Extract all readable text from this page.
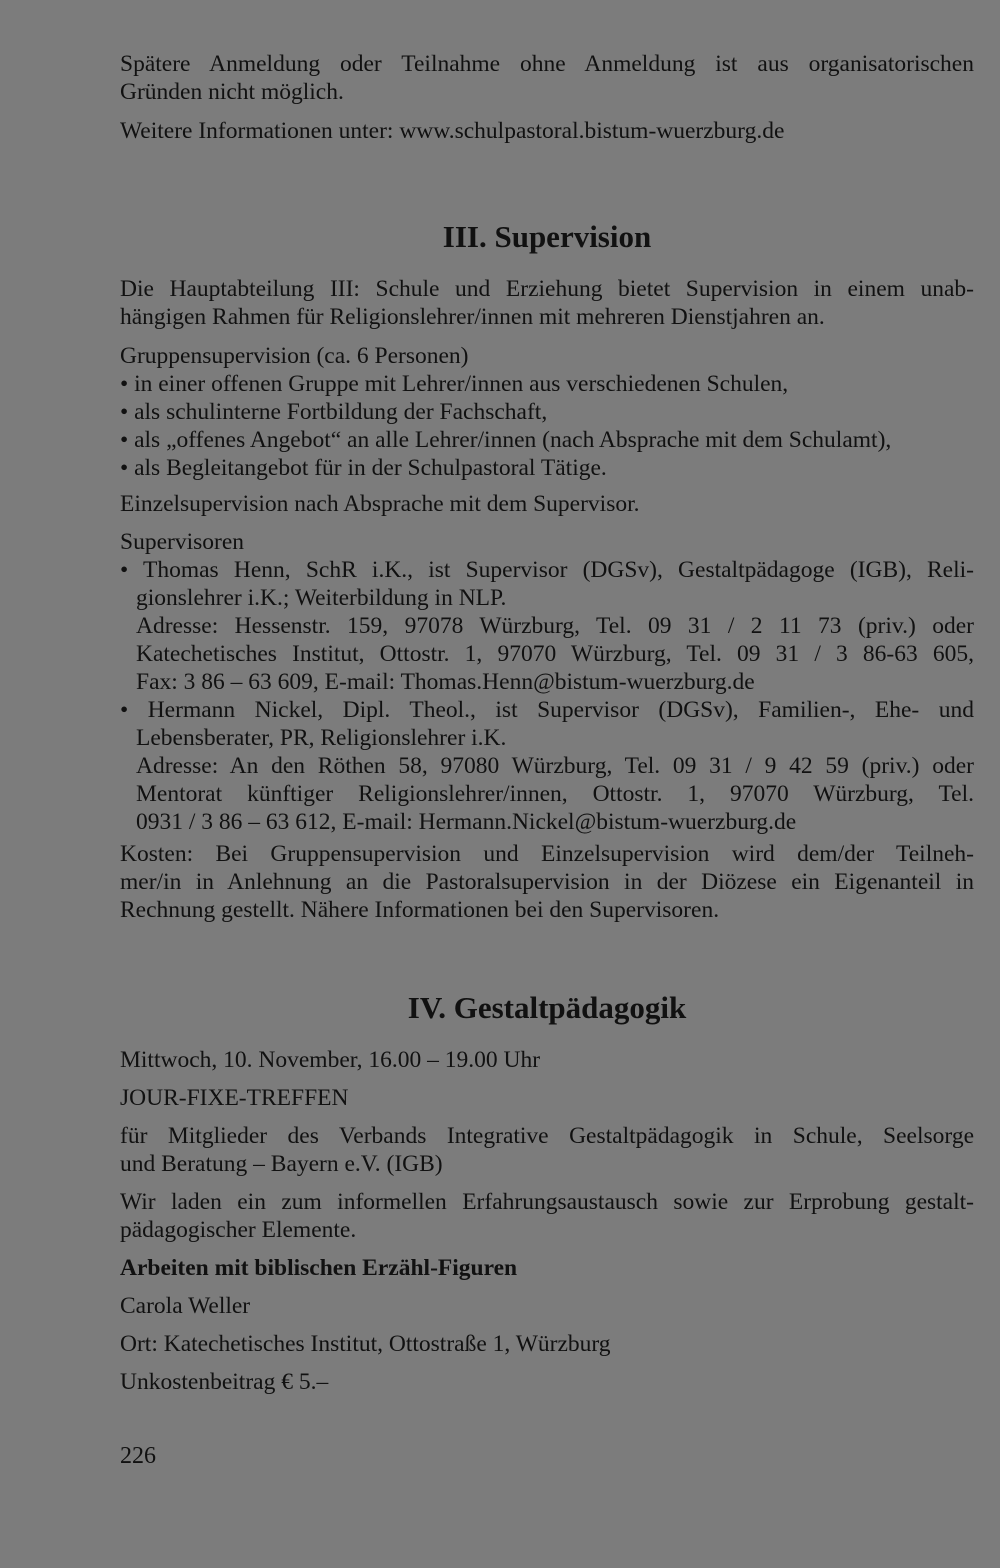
Spätere Anmeldung oder Teilnahme ohne Anmeldung ist aus organisatorischen
Gründen nicht möglich.

Weitere Informationen unter: www.schulpastoral.bistum-wuerzburg.de

III. Supervision

Die Hauptabteilung III: Schule und Erziehung bietet Supervision in einem unab-
hängigen Rahmen für Religionslehrer/innen mit mehreren Dienstjahren an.

Gruppensupervision (ca. 6 Personen)
• in einer offenen Gruppe mit Lehrer/innen aus verschiedenen Schulen,
• als schulinterne Fortbildung der Fachschaft,
• als „offenes Angebot“ an alle Lehrer/innen (nach Absprache mit dem Schulamt),
• als Begleitangebot für in der Schulpastoral Tätige.

Einzelsupervision nach Absprache mit dem Supervisor.

Supervisoren
• Thomas Henn, SchR i.K., ist Supervisor (DGSv), Gestaltpädagoge (IGB), Reli-
gionslehrer i.K.; Weiterbildung in NLP.
Adresse: Hessenstr. 159, 97078 Würzburg, Tel. 09 31 / 2 11 73 (priv.) oder
Katechetisches Institut, Ottostr. 1, 97070 Würzburg, Tel. 09 31 / 3 86-63 605,
Fax: 3 86 – 63 609, E-mail: Thomas.Henn@bistum-wuerzburg.de
• Hermann Nickel, Dipl. Theol., ist Supervisor (DGSv), Familien-, Ehe- und
Lebensberater, PR, Religionslehrer i.K.
Adresse: An den Röthen 58, 97080 Würzburg, Tel. 09 31 / 9 42 59 (priv.) oder
Mentorat künftiger Religionslehrer/innen, Ottostr. 1, 97070 Würzburg, Tel.
0931 / 3 86 – 63 612, E-mail: Hermann.Nickel@bistum-wuerzburg.de

Kosten: Bei Gruppensupervision und Einzelsupervision wird dem/der Teilneh-
mer/in in Anlehnung an die Pastoralsupervision in der Diözese ein Eigenanteil in
Rechnung gestellt. Nähere Informationen bei den Supervisoren.

IV. Gestaltpädagogik

Mittwoch, 10. November, 16.00 – 19.00 Uhr

JOUR-FIXE-TREFFEN

für Mitglieder des Verbands Integrative Gestaltpädagogik in Schule, Seelsorge
und Beratung – Bayern e.V. (IGB)

Wir laden ein zum informellen Erfahrungsaustausch sowie zur Erprobung gestalt-
pädagogischer Elemente.

Arbeiten mit biblischen Erzähl-Figuren

Carola Weller

Ort: Katechetisches Institut, Ottostraße 1, Würzburg

Unkostenbeitrag € 5.–

226
